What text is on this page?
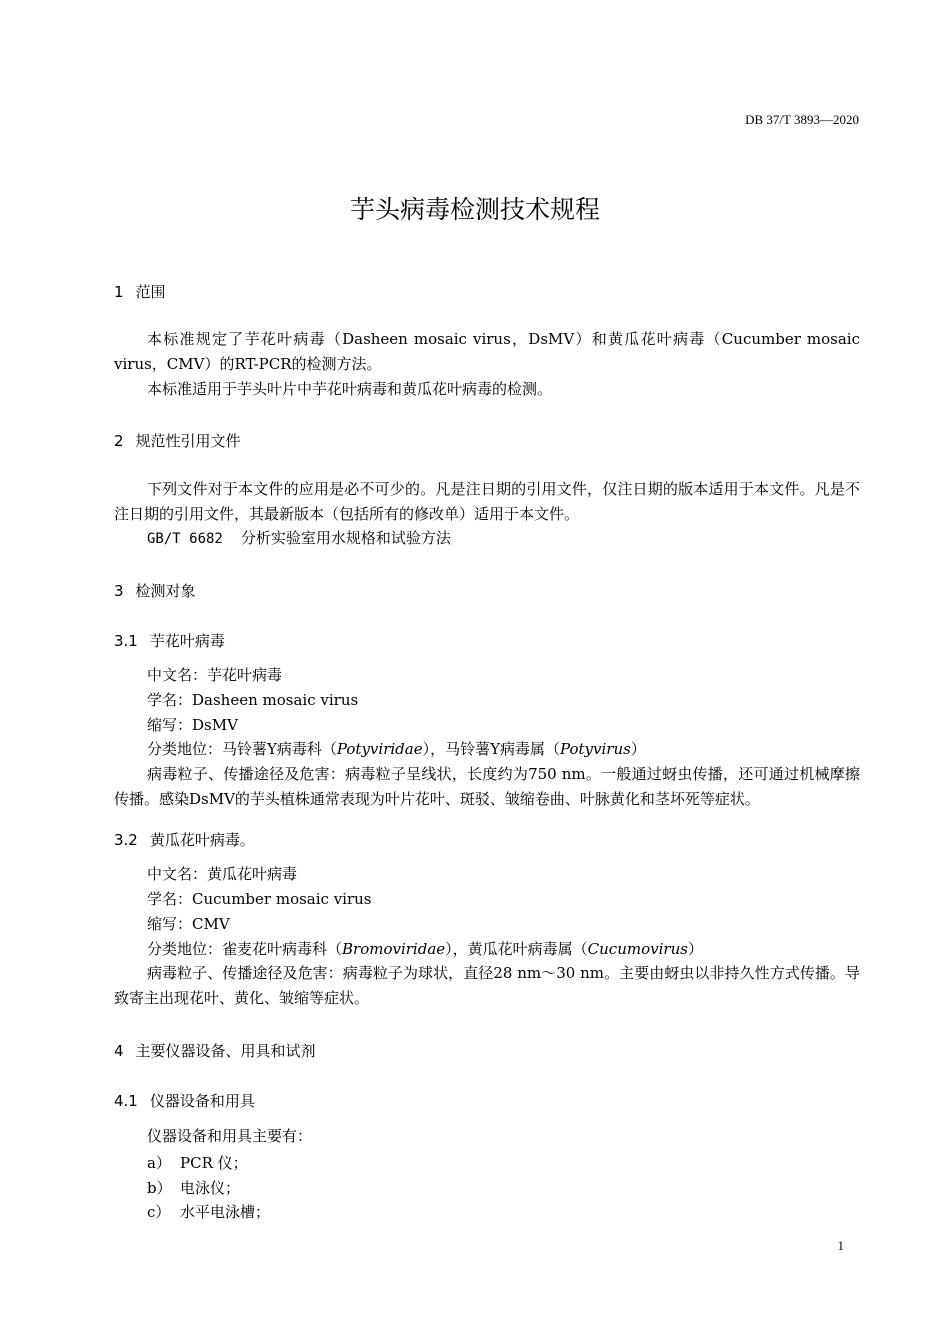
DB 37/T 3893—2020
芋头病毒检测技术规程
1 范围
本标准规定了芋花叶病毒（Dasheen mosaic virus，DsMV）和黄瓜花叶病毒（Cucumber mosaic virus，CMV）的RT-PCR的检测方法。
本标准适用于芋头叶片中芋花叶病毒和黄瓜花叶病毒的检测。
2 规范性引用文件
下列文件对于本文件的应用是必不可少的。凡是注日期的引用文件，仅注日期的版本适用于本文件。凡是不注日期的引用文件，其最新版本（包括所有的修改单）适用于本文件。
GB/T 6682 分析实验室用水规格和试验方法
3 检测对象
3.1 芋花叶病毒
中文名：芋花叶病毒
学名：Dasheen mosaic virus
缩写：DsMV
分类地位：马铃薯Y病毒科（Potyviridae），马铃薯Y病毒属（Potyvirus）
病毒粒子、传播途径及危害：病毒粒子呈线状，长度约为750 nm。一般通过蚜虫传播，还可通过机械摩擦传播。感染DsMV的芋头植株通常表现为叶片花叶、斑驳、皱缩卷曲、叶脉黄化和茎坏死等症状。
3.2 黄瓜花叶病毒。
中文名：黄瓜花叶病毒
学名：Cucumber mosaic virus
缩写：CMV
分类地位：雀麦花叶病毒科（Bromoviridae），黄瓜花叶病毒属（Cucumovirus）
病毒粒子、传播途径及危害：病毒粒子为球状，直径28 nm～30 nm。主要由蚜虫以非持久性方式传播。导致寄主出现花叶、黄化、皱缩等症状。
4 主要仪器设备、用具和试剂
4.1 仪器设备和用具
仪器设备和用具主要有：
a） PCR 仪；
b） 电泳仪；
c） 水平电泳槽；
1
